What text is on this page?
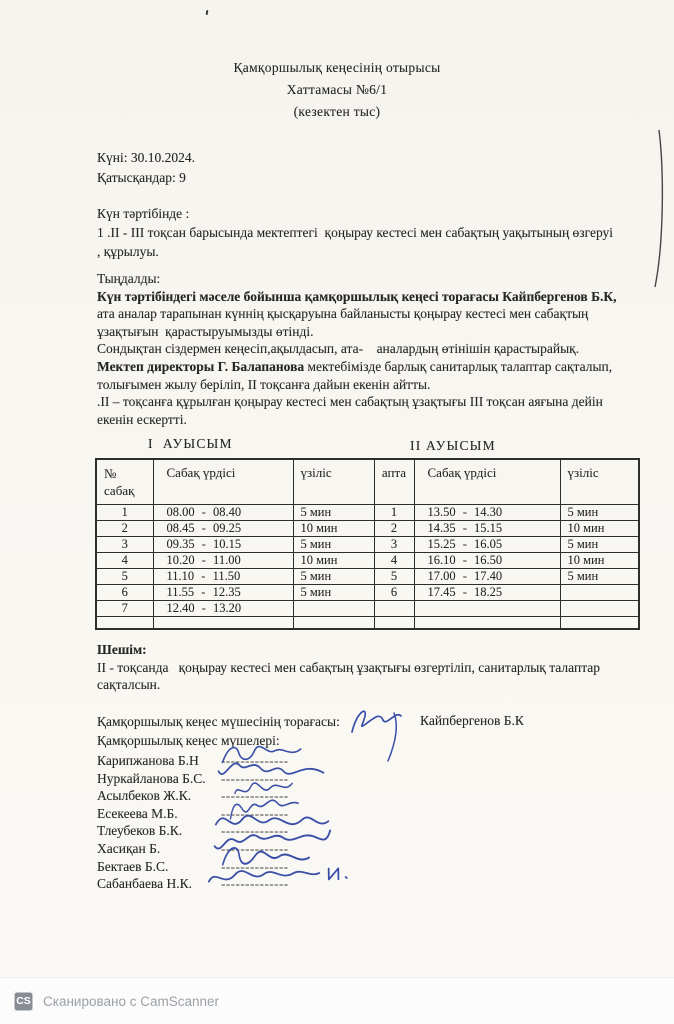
Қамқоршылық кеңесінің отырысы
Хаттамасы №6/1
(кезектен тыс)
Күні: 30.10.2024.
Қатысқандар: 9
Күн тәртібінде :
1 .ІІ - ІІІ тоқсан барысында мектептегі  қоңырау кестесі мен сабақтың уақытының өзгеруі
, құрылуы.
Тыңдалды:
Күн тәртібіндегі мәселе бойынша қамқоршылық кеңесі торағасы Кайпбергенов Б.К,
ата аналар тарапынан күннің қысқаруына байланысты қоңырау кестесі мен сабақтың
ұзақтығын  қарастыруымызды өтінді.
Сондықтан сіздермен кеңесіп,ақылдасып, ата-    аналардың өтінішін қарастырайық.
Мектеп директоры Г. Балапанова мектебімізде барлық санитарлық талаптар сақталып,
толығымен жылу беріліп, ІІ тоқсанға дайын екенін айтты.
.ІІ – тоқсанға құрылған қоңырау кестесі мен сабақтың ұзақтығы ІІІ тоқсан аяғына дейін
екенін ескертті.
І  АУЫСЫМ	ІІ АУЫСЫМ
№
сабақ	Сабақ үрдісі	үзіліс	апта	Сабақ үрдісі	үзіліс
1	08.00 - 08.40	5 мин	1	13.50 - 14.30	5 мин
2	08.45 - 09.25	10 мин	2	14.35 - 15.15	10 мин
3	09.35 - 10.15	5 мин	3	15.25 - 16.05	5 мин
4	10.20 - 11.00	10 мин	4	16.10 - 16.50	10 мин
5	11.10 - 11.50	5 мин	5	17.00 - 17.40	5 мин
6	11.55 - 12.35	5 мин	6	17.45 - 18.25	
7	12.40 - 13.20				

Шешім:
ІІ - тоқсанда   қоңырау кестесі мен сабақтың ұзақтығы өзгертіліп, санитарлық талаптар
сақталсын.
Қамқоршылық кеңес мүшесінің торағасы:	Кайпбергенов Б.К
Қамқоршылық кеңес мүшелері:
Карипжанова Б.Н --------------
Нуркайланова Б.С. --------------
Асылбеков Ж.К. --------------
Есекеева М.Б.	--------------
Тлеубеков Б.К.	--------------
Хасиқан Б.	--------------
Бектаев Б.С.	--------------
Сабанбаева Н.К. --------------
CS Сканировано с CamScanner
